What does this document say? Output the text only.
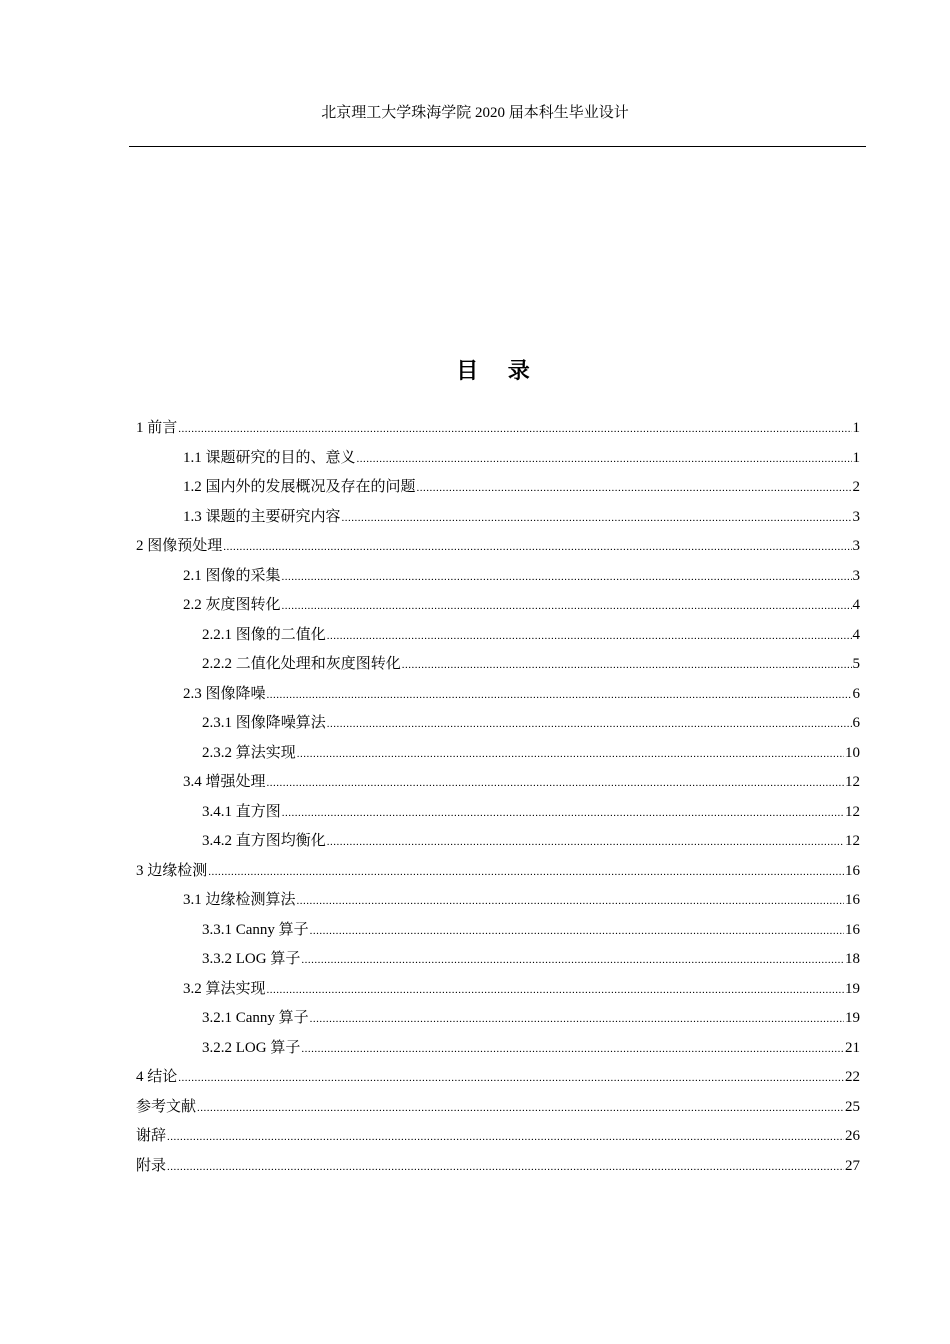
北京理工大学珠海学院 2020 届本科生毕业设计
目 录
1 前言 .....	1
1.1 课题研究的目的、意义 .....	1
1.2 国内外的发展概况及存在的问题 .....	2
1.3 课题的主要研究内容 .....	3
2 图像预处理 .....	3
2.1 图像的采集 .....	3
2.2 灰度图转化 .....	4
2.2.1 图像的二值化 .....	4
2.2.2 二值化处理和灰度图转化 .....	5
2.3 图像降噪 .....	6
2.3.1 图像降噪算法 .....	6
2.3.2 算法实现 .....	10
3.4 增强处理 .....	12
3.4.1 直方图 .....	12
3.4.2 直方图均衡化 .....	12
3 边缘检测 .....	16
3.1 边缘检测算法 .....	16
3.3.1 Canny 算子 .....	16
3.3.2 LOG 算子 .....	18
3.2 算法实现 .....	19
3.2.1 Canny 算子 .....	19
3.2.2 LOG 算子 .....	21
4 结论 .....	22
参考文献 .....	25
谢辞 .....	26
附录 .....	27
